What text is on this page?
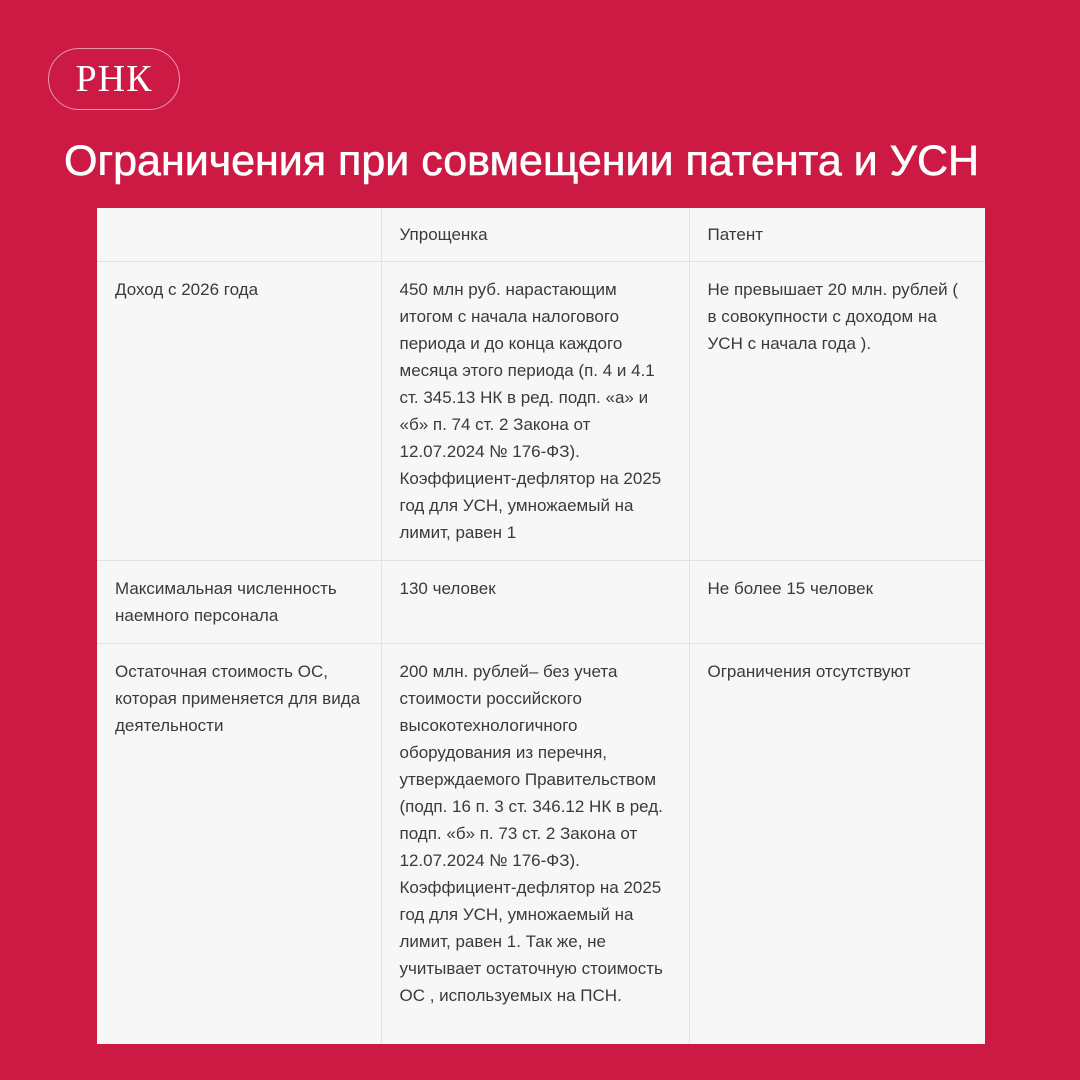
РНК
Ограничения при совмещении патента и УСН
	Упрощенка	Патент
Доход с 2026 года	450 млн руб. нарастающим итогом с начала налогового периода и до конца каждого месяца этого периода (п. 4 и 4.1 ст. 345.13 НК в ред. подп. «а» и «б» п. 74 ст. 2 Закона от 12.07.2024 № 176-ФЗ). Коэффициент-дефлятор на 2025 год для УСН, умножаемый на лимит, равен 1	Не превышает 20 млн. рублей ( в совокупности с доходом на УСН с начала года ).
Максимальная численность наемного персонала	130 человек	Не более 15 человек
Остаточная стоимость ОС, которая применяется для вида деятельности	200 млн. рублей– без учета стоимости российского высокотехнологичного оборудования из перечня, утверждаемого Правительством (подп. 16 п. 3 ст. 346.12 НК в ред. подп. «б» п. 73 ст. 2 Закона от 12.07.2024 № 176-ФЗ). Коэффициент-дефлятор на 2025 год для УСН, умножаемый на лимит, равен 1. Так же, не учитывает остаточную стоимость ОС , используемых на ПСН.	Ограничения отсутствуют
